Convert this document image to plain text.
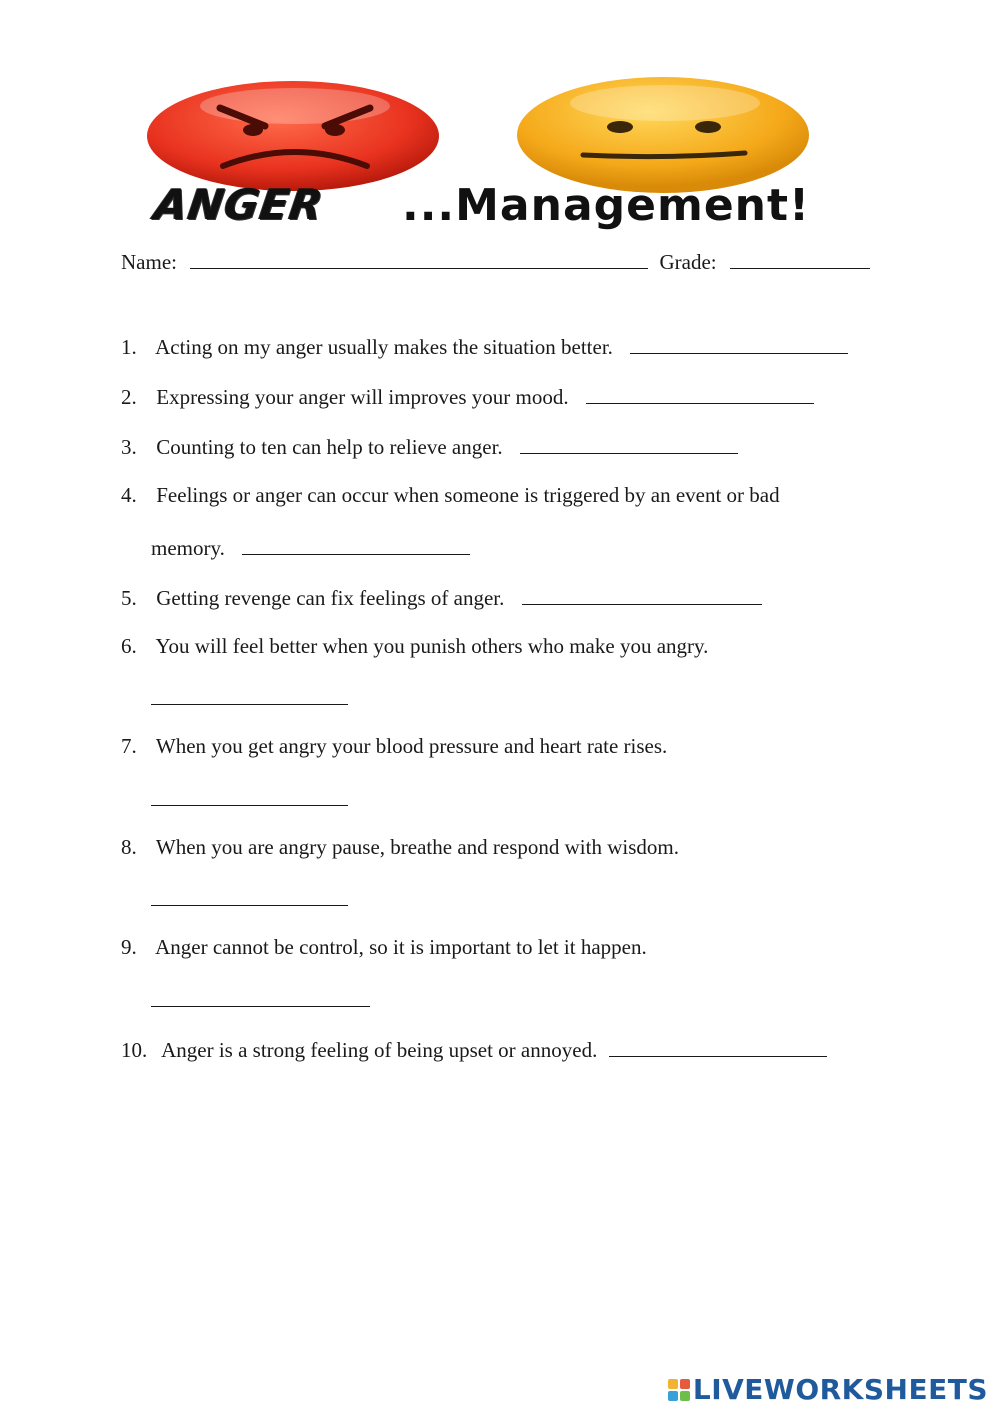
ANGER ...Management!
Name:	Grade:
1. Acting on my anger usually makes the situation better.
2. Expressing your anger will improves your mood.
3. Counting to ten can help to relieve anger.
4. Feelings or anger can occur when someone is triggered by an event or bad
memory.
5. Getting revenge can fix feelings of anger.
6. You will feel better when you punish others who make you angry.
7. When you get angry your blood pressure and heart rate rises.
8. When you are angry pause, breathe and respond with wisdom.
9. Anger cannot be control, so it is important to let it happen.
10. Anger is a strong feeling of being upset or annoyed.
LIVEWORKSHEETS
